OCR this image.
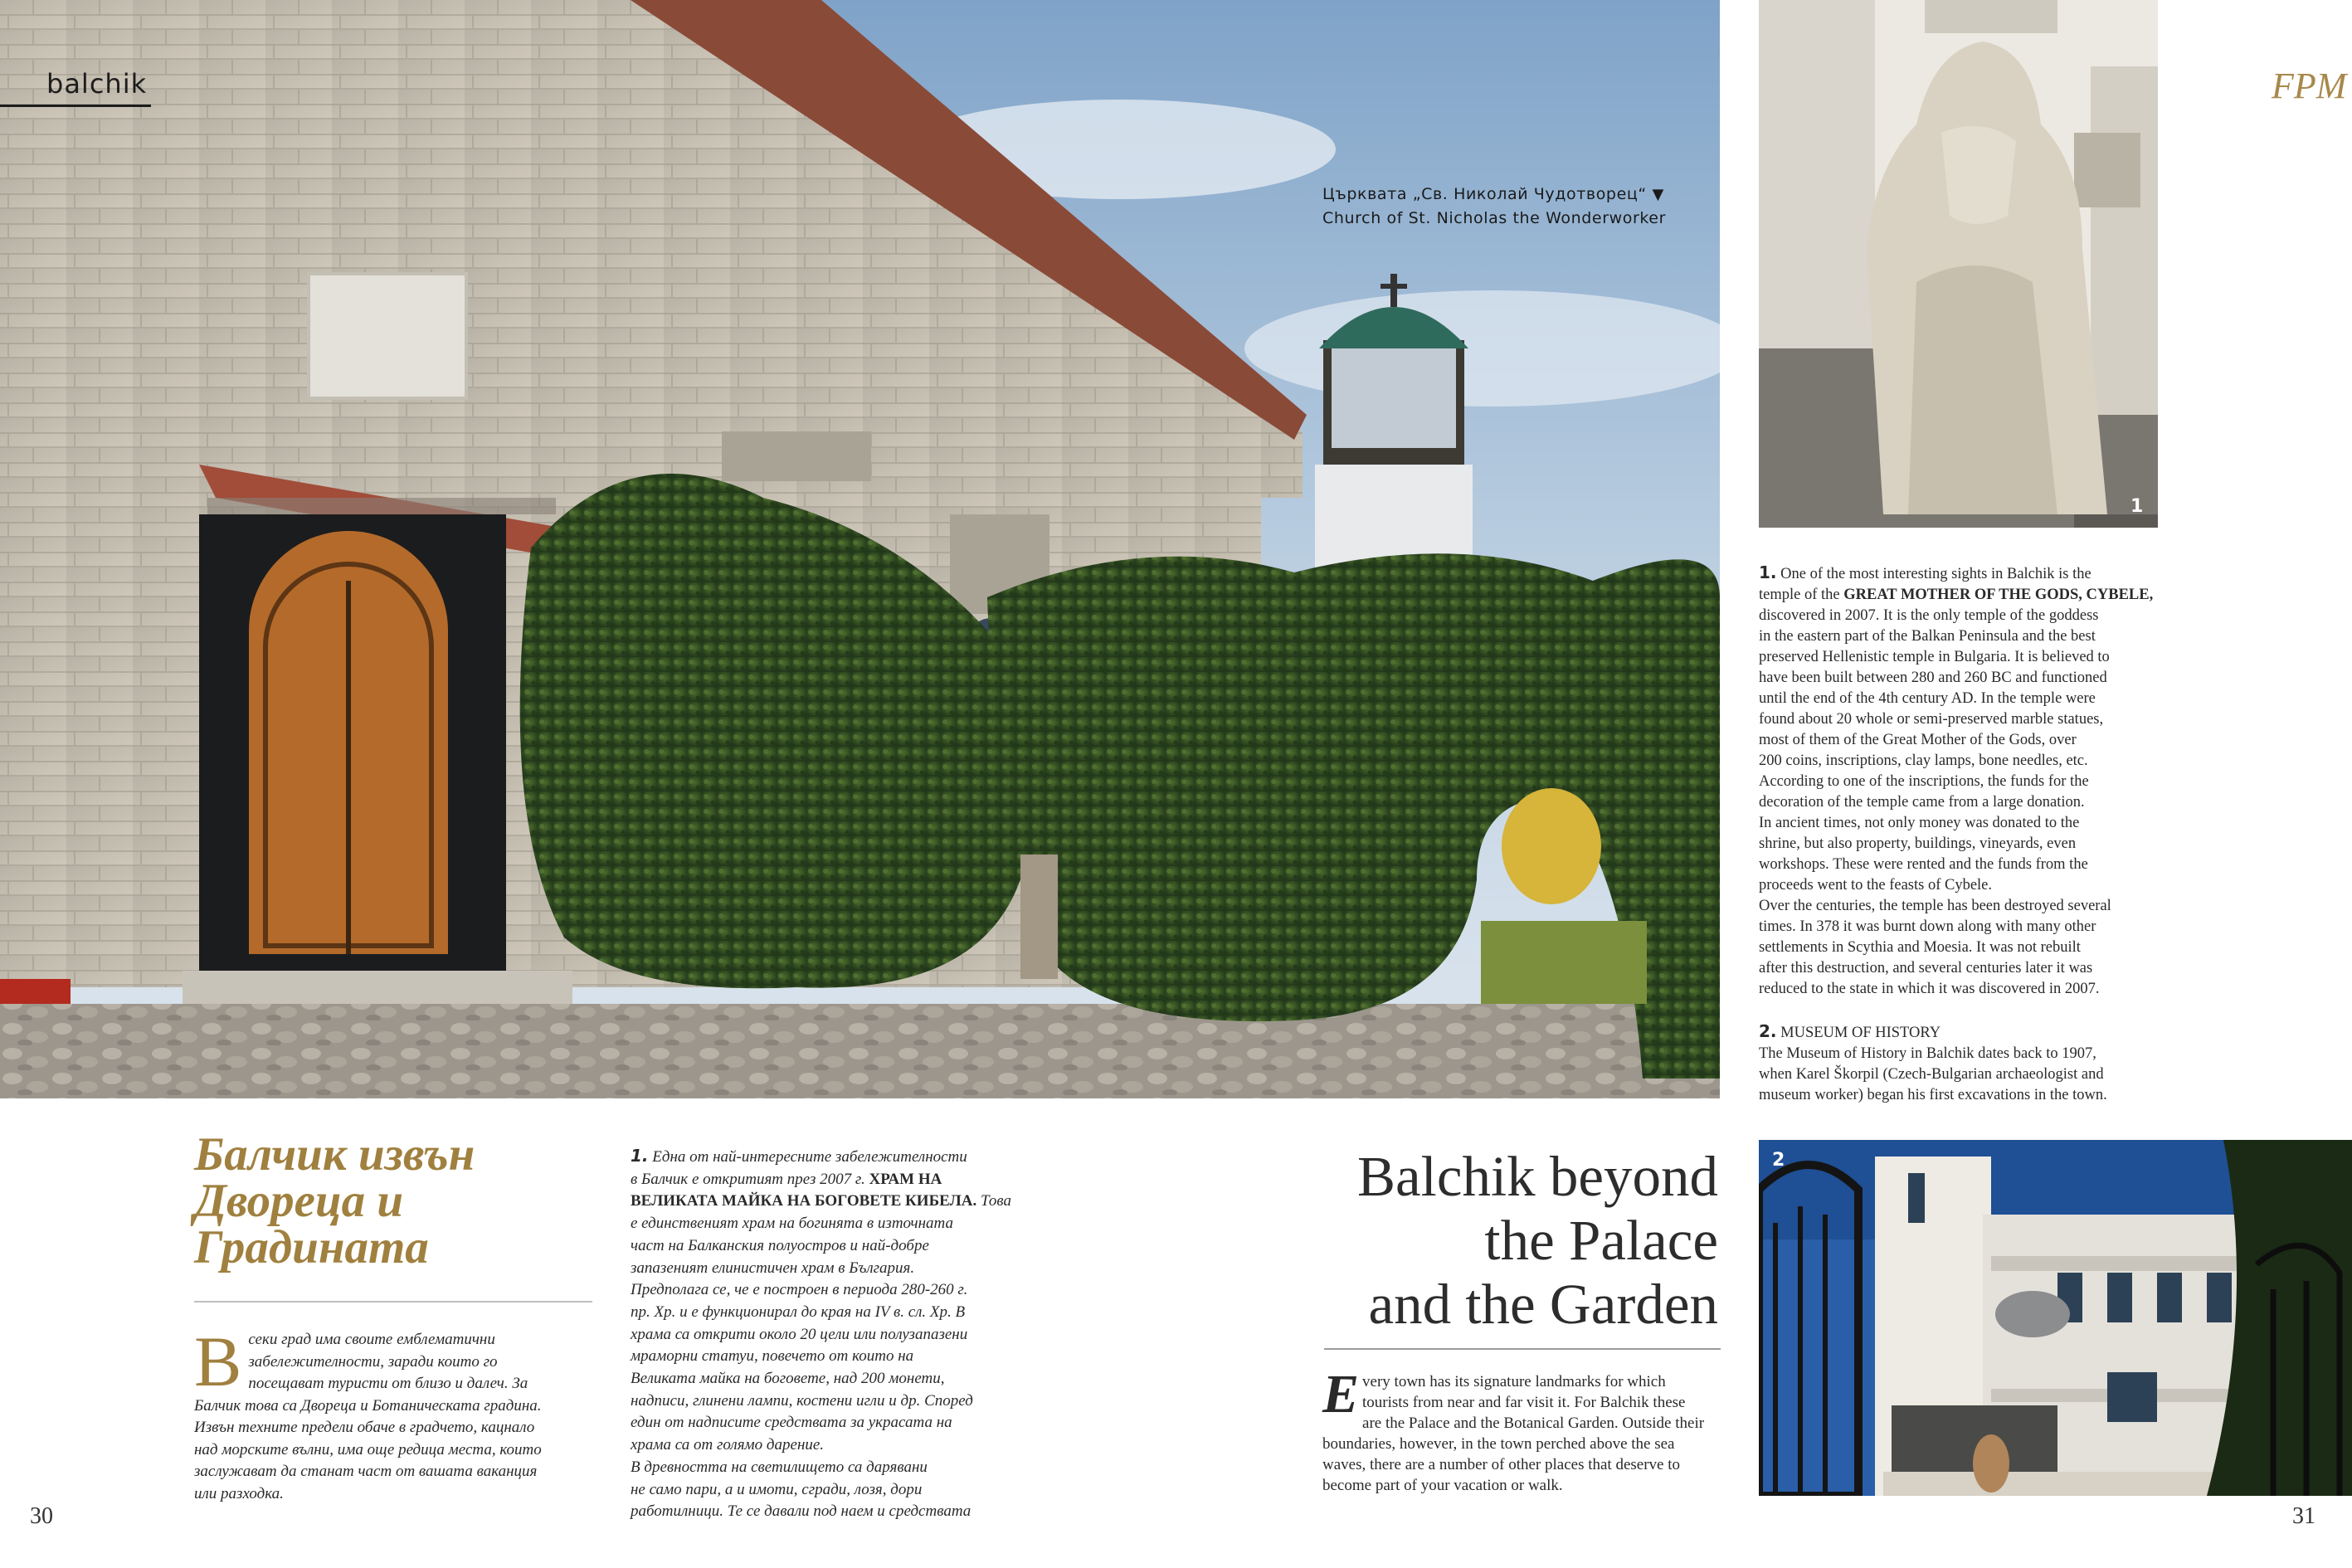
balchik	FPM
Църквата „Св. Николай Чудотворец“ ▼
Church of St. Nicholas the Wonderworker
1
2
Балчик извън
Двореца и
Градината
В секи град има своите емблематични
забележителности, заради които го
посещават туристи от близо и далеч. За
Балчик това са Двореца и Ботаническата градина.
Извън техните предели обаче в градчето, кацнало
над морските вълни, има още редица места, които
заслужават да станат част от вашата ваканция
или разходка.
1. Една от най-интересните забележителности
в Балчик е откритият през 2007 г. ХРАМ НА
ВЕЛИКАТА МАЙКА НА БОГОВЕТЕ КИБЕЛА. Това
е единственият храм на богинята в източната
част на Балканския полуостров и най-добре
запазеният елинистичен храм в България.
Предполага се, че е построен в периода 280-260 г.
пр. Хр. и е функционирал до края на IV в. сл. Хр. В
храма са открити около 20 цели или полузапазени
мраморни статуи, повечето от които на
Великата майка на боговете, над 200 монети,
надписи, глинени лампи, костени игли и др. Според
един от надписите средствата за украсата на
храма са от голямо дарение.
В древността на светилището са дарявани
не само пари, а и имоти, сгради, лозя, дори
работилници. Те се давали под наем и средствата
Balchik beyond
the Palace
and the Garden
E very town has its signature landmarks for which
tourists from near and far visit it. For Balchik these
are the Palace and the Botanical Garden. Outside their
boundaries, however, in the town perched above the sea
waves, there are a number of other places that deserve to
become part of your vacation or walk.

1. One of the most interesting sights in Balchik is the

temple of the GREAT MOTHER OF THE GODS, CYBELE,

discovered in 2007. It is the only temple of the goddess

in the eastern part of the Balkan Peninsula and the best

preserved Hellenistic temple in Bulgaria. It is believed to

have been built between 280 and 260 BC and functioned

until the end of the 4th century AD. In the temple were

found about 20 whole or semi-preserved marble statues,

most of them of the Great Mother of the Gods, over

200 coins, inscriptions, clay lamps, bone needles, etc.

According to one of the inscriptions, the funds for the

decoration of the temple came from a large donation.

In ancient times, not only money was donated to the

shrine, but also property, buildings, vineyards, even

workshops. These were rented and the funds from the

proceeds went to the feasts of Cybele.

Over the centuries, the temple has been destroyed several

times. In 378 it was burnt down along with many other

settlements in Scythia and Moesia. It was not rebuilt

after this destruction, and several centuries later it was

reduced to the state in which it was discovered in 2007.

2. MUSEUM OF HISTORY

The Museum of History in Balchik dates back to 1907,

when Karel Škorpil (Czech-Bulgarian archaeologist and

museum worker) began his first excavations in the town.

30	31
